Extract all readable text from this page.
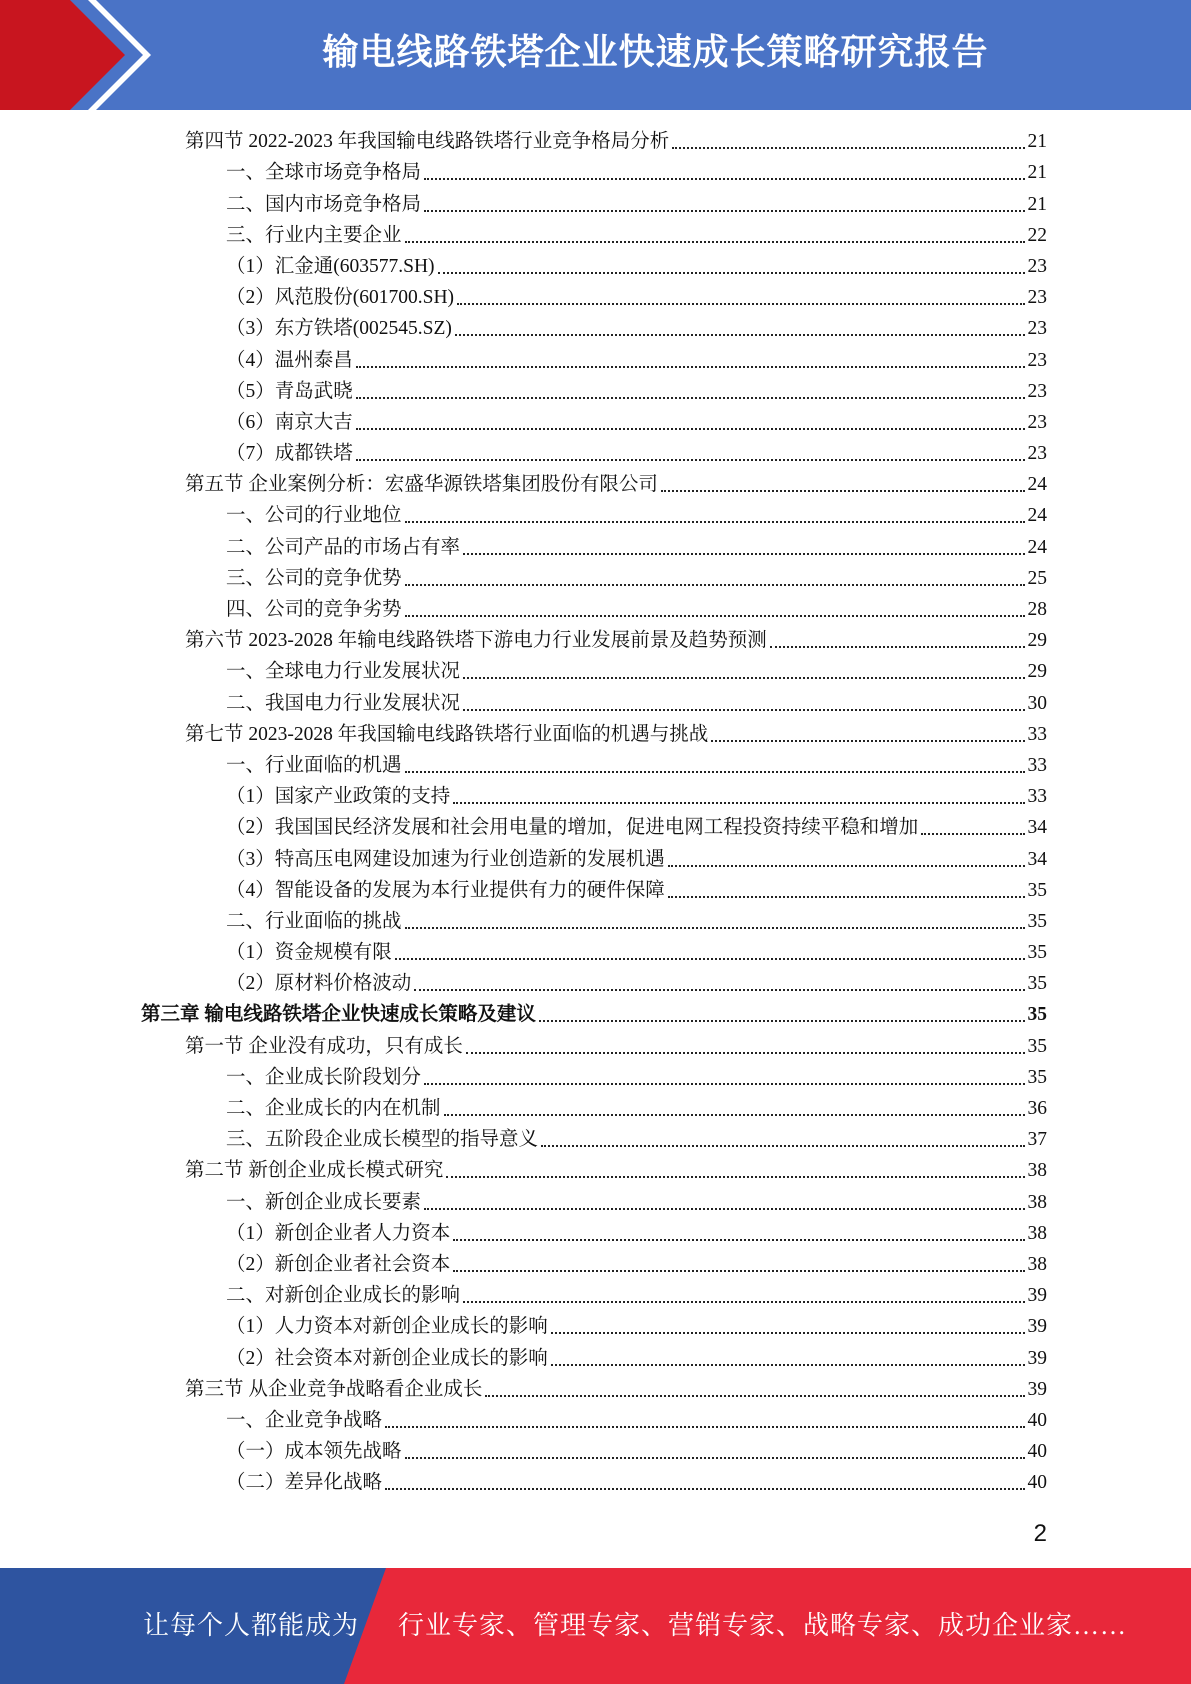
输电线路铁塔企业快速成长策略研究报告
第四节 2022-2023 年我国输电线路铁塔行业竞争格局分析	21
一、全球市场竞争格局	21
二、国内市场竞争格局	21
三、行业内主要企业	22
（1）汇金通(603577.SH)	23
（2）风范股份(601700.SH)	23
（3）东方铁塔(002545.SZ)	23
（4）温州泰昌	23
（5）青岛武晓	23
（6）南京大吉	23
（7）成都铁塔	23
第五节 企业案例分析：宏盛华源铁塔集团股份有限公司	24
一、公司的行业地位	24
二、公司产品的市场占有率	24
三、公司的竞争优势	25
四、公司的竞争劣势	28
第六节 2023-2028 年输电线路铁塔下游电力行业发展前景及趋势预测	29
一、全球电力行业发展状况	29
二、我国电力行业发展状况	30
第七节 2023-2028 年我国输电线路铁塔行业面临的机遇与挑战	33
一、行业面临的机遇	33
（1）国家产业政策的支持	33
（2）我国国民经济发展和社会用电量的增加，促进电网工程投资持续平稳和增加	34
（3）特高压电网建设加速为行业创造新的发展机遇	34
（4）智能设备的发展为本行业提供有力的硬件保障	35
二、行业面临的挑战	35
（1）资金规模有限	35
（2）原材料价格波动	35
第三章 输电线路铁塔企业快速成长策略及建议	35
第一节 企业没有成功，只有成长	35
一、企业成长阶段划分	35
二、企业成长的内在机制	36
三、五阶段企业成长模型的指导意义	37
第二节 新创企业成长模式研究	38
一、新创企业成长要素	38
（1）新创企业者人力资本	38
（2）新创企业者社会资本	38
二、对新创企业成长的影响	39
（1）人力资本对新创企业成长的影响	39
（2）社会资本对新创企业成长的影响	39
第三节 从企业竞争战略看企业成长	39
一、企业竞争战略	40
（一）成本领先战略	40
（二）差异化战略	40
2
让每个人都能成为 行业专家、管理专家、营销专家、战略专家、成功企业家……
